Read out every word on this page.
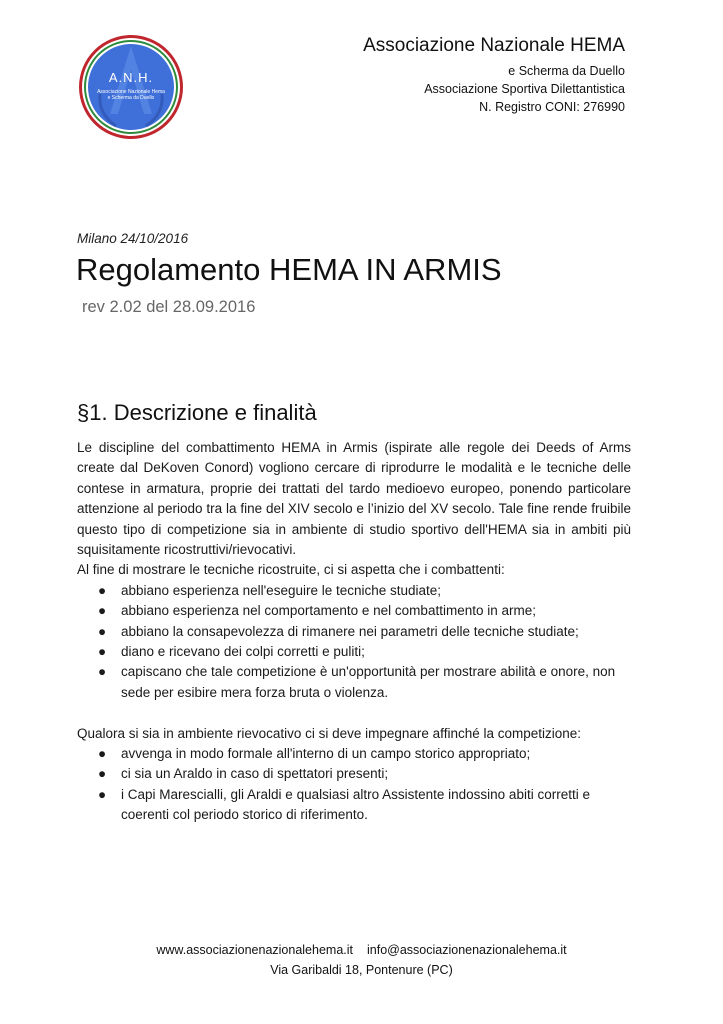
A.N.H.
Associazione Nazionale Hema
e Scherma da Duello
Associazione Nazionale HEMA
e Scherma da Duello
Associazione Sportiva Dilettantistica
N. Registro CONI: 276990
Milano 24/10/2016
Regolamento HEMA IN ARMIS
rev 2.02 del 28.09.2016
§1. Descrizione e finalità

Le discipline del combattimento HEMA in Armis (ispirate alle regole dei Deeds of Arms create dal DeKoven Conord) vogliono cercare di riprodurre le modalità e le tecniche delle contese in armatura, proprie dei trattati del tardo medioevo europeo, ponendo particolare attenzione al periodo tra la fine del XIV secolo e l’inizio del XV secolo. Tale fine rende fruibile questo tipo di competizione sia in ambiente di studio sportivo dell'HEMA sia in ambiti più squisitamente ricostruttivi/rievocativi.

Al fine di mostrare le tecniche ricostruite, ci si aspetta che i combattenti:

● abbiano esperienza nell'eseguire le tecniche studiate;
● abbiano esperienza nel comportamento e nel combattimento in arme;
● abbiano la consapevolezza di rimanere nei parametri delle tecniche studiate;
● diano e ricevano dei colpi corretti e puliti;
● capiscano che tale competizione è un'opportunità per mostrare abilità e onore, non sede per esibire mera forza bruta o violenza.

Qualora si sia in ambiente rievocativo ci si deve impegnare affinché la competizione:

● avvenga in modo formale all'interno di un campo storico appropriato;
● ci sia un Araldo in caso di spettatori presenti;
● i Capi Marescialli, gli Araldi e qualsiasi altro Assistente indossino abiti corretti e coerenti col periodo storico di riferimento.
www.associazionenazionalehema.it info@associazionenazionalehema.it
Via Garibaldi 18, Pontenure (PC)
